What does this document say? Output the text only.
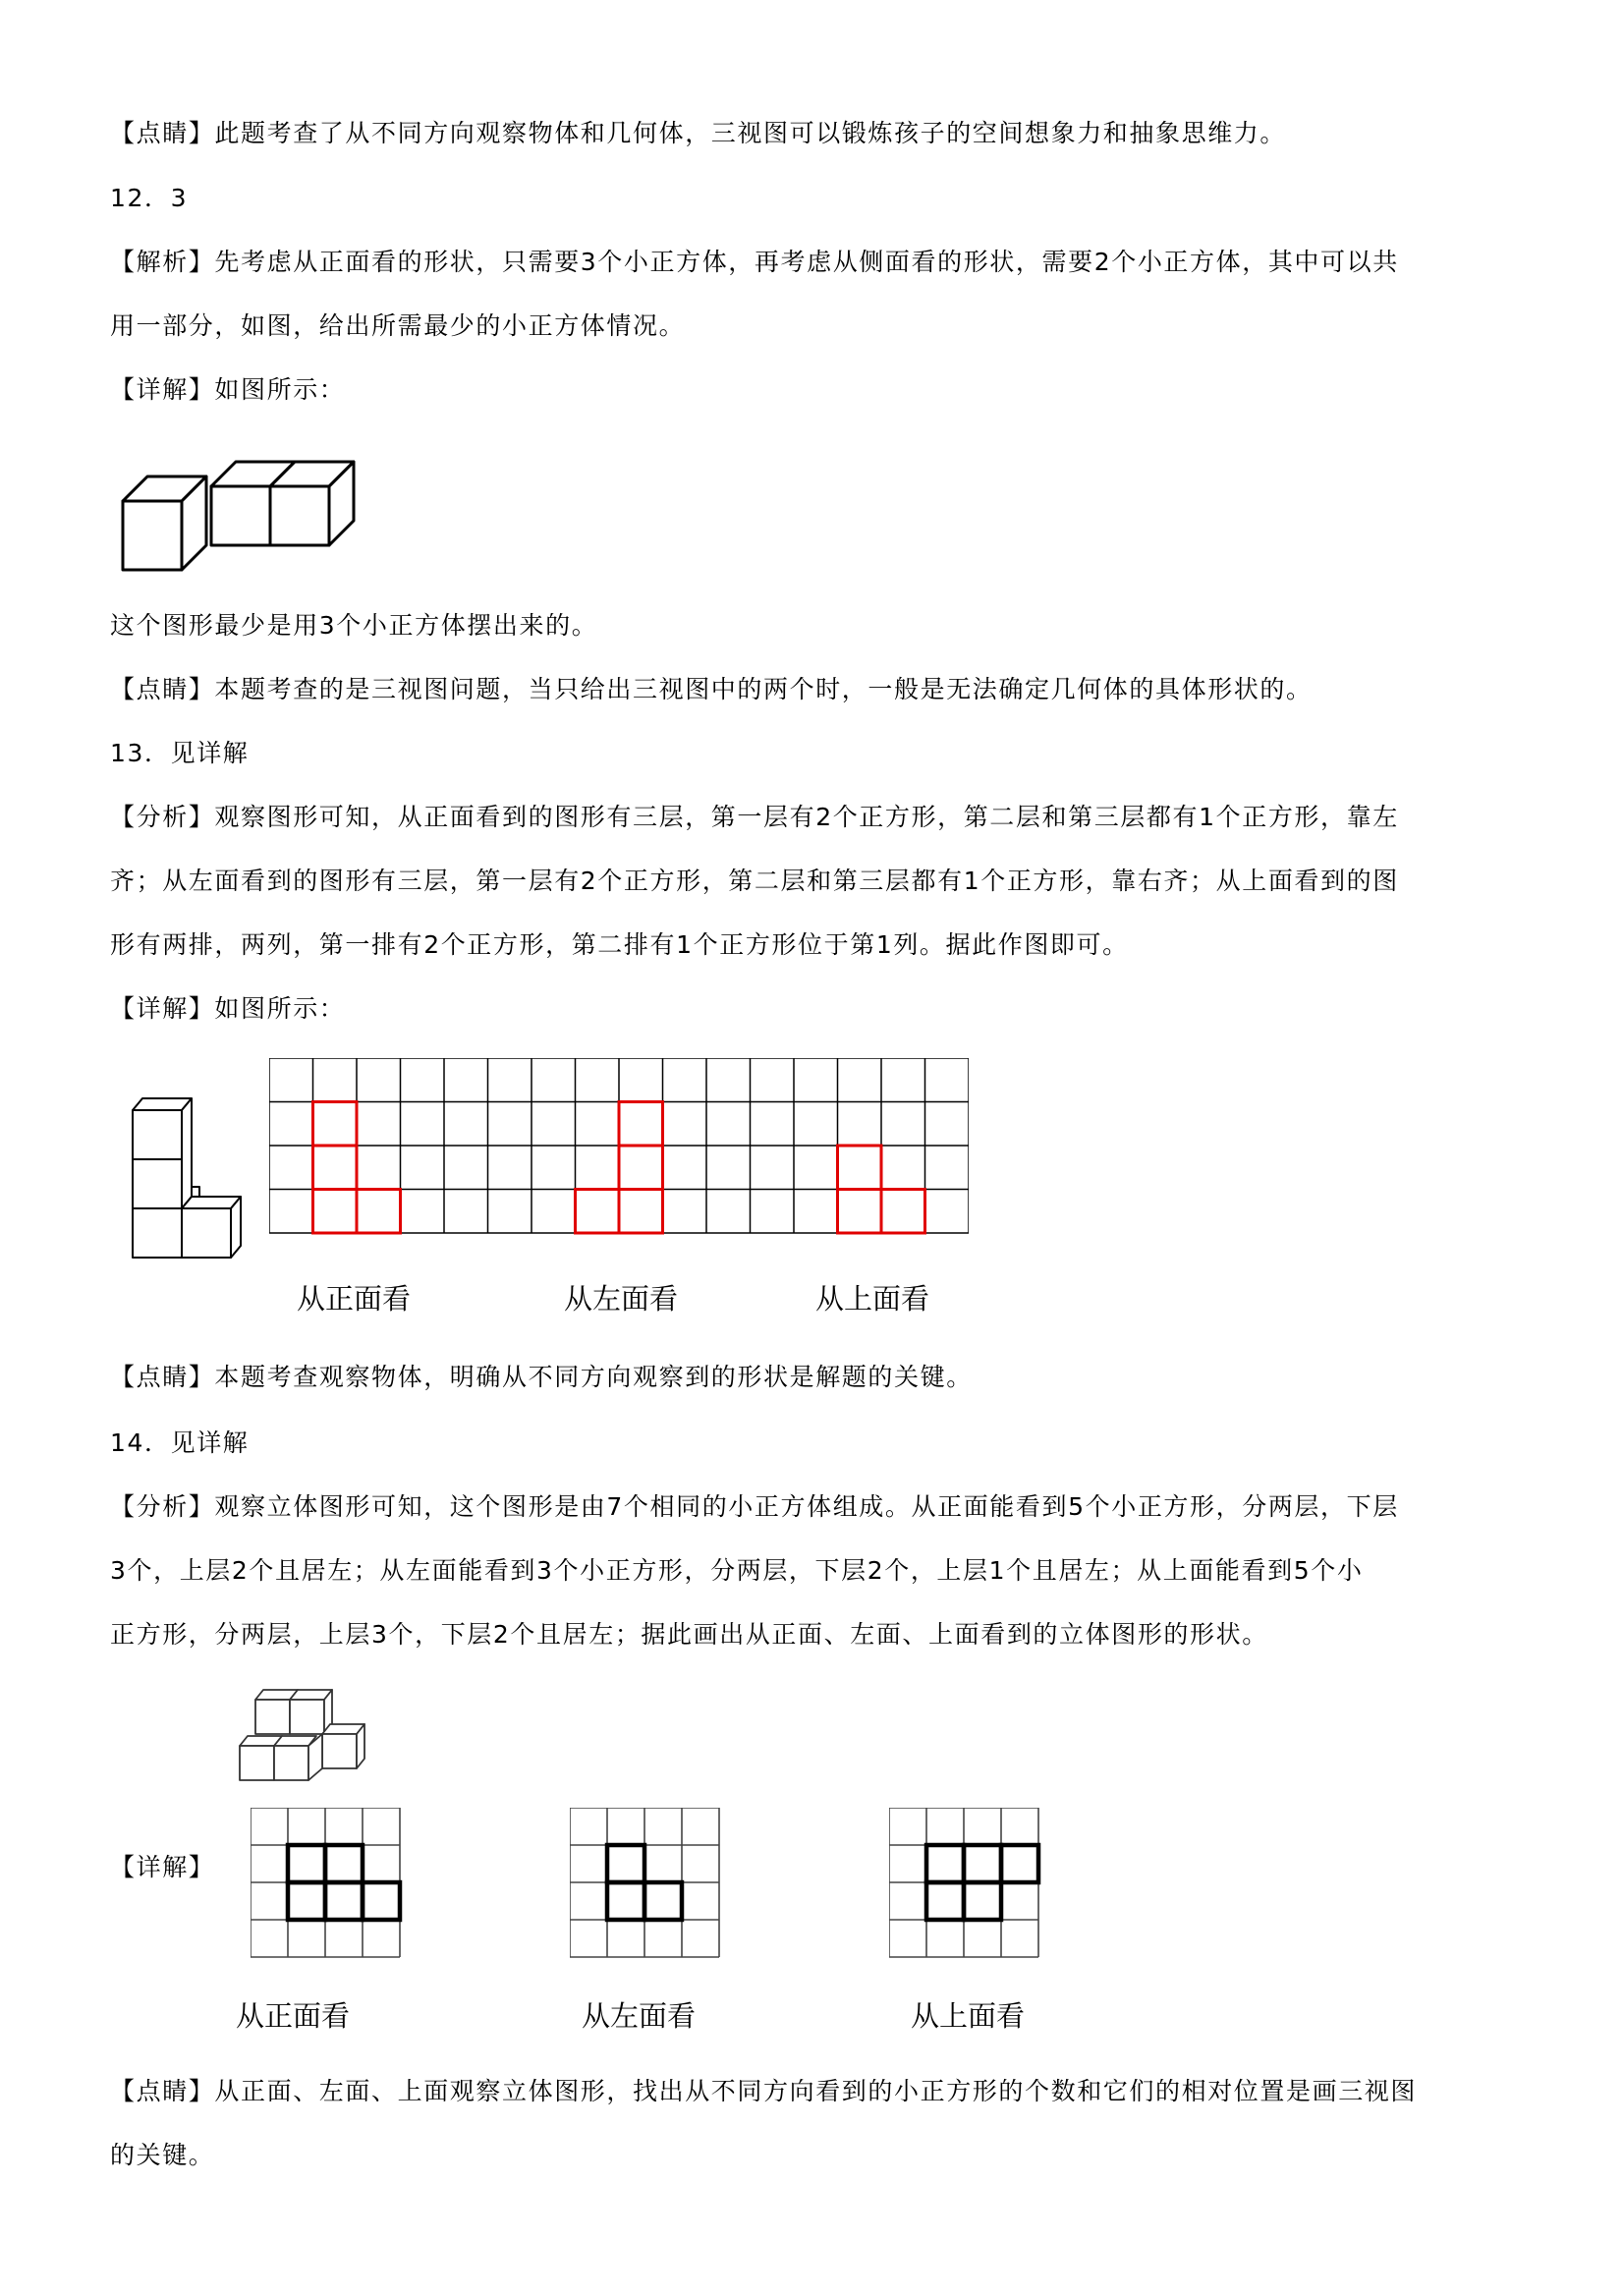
【点睛】此题考查了从不同方向观察物体和几何体，三视图可以锻炼孩子的空间想象力和抽象思维力。
12．3
【解析】先考虑从正面看的形状，只需要3个小正方体，再考虑从侧面看的形状，需要2个小正方体，其中可以共
用一部分，如图，给出所需最少的小正方体情况。
【详解】如图所示：
这个图形最少是用3个小正方体摆出来的。
【点睛】本题考查的是三视图问题，当只给出三视图中的两个时，一般是无法确定几何体的具体形状的。
13．见详解
【分析】观察图形可知，从正面看到的图形有三层，第一层有2个正方形，第二层和第三层都有1个正方形，靠左
齐；从左面看到的图形有三层，第一层有2个正方形，第二层和第三层都有1个正方形，靠右齐；从上面看到的图
形有两排，两列，第一排有2个正方形，第二排有1个正方形位于第1列。据此作图即可。
【详解】如图所示：
【点睛】本题考查观察物体，明确从不同方向观察到的形状是解题的关键。
14．见详解
【分析】观察立体图形可知，这个图形是由7个相同的小正方体组成。从正面能看到5个小正方形，分两层，下层
3个，上层2个且居左；从左面能看到3个小正方形，分两层，下层2个，上层1个且居左；从上面能看到5个小
正方形，分两层，上层3个，下层2个且居左；据此画出从正面、左面、上面看到的立体图形的形状。
【详解】
【点睛】从正面、左面、上面观察立体图形，找出从不同方向看到的小正方形的个数和它们的相对位置是画三视图
的关键。
从正面看	从左面看	从上面看
从正面看	从左面看	从上面看
